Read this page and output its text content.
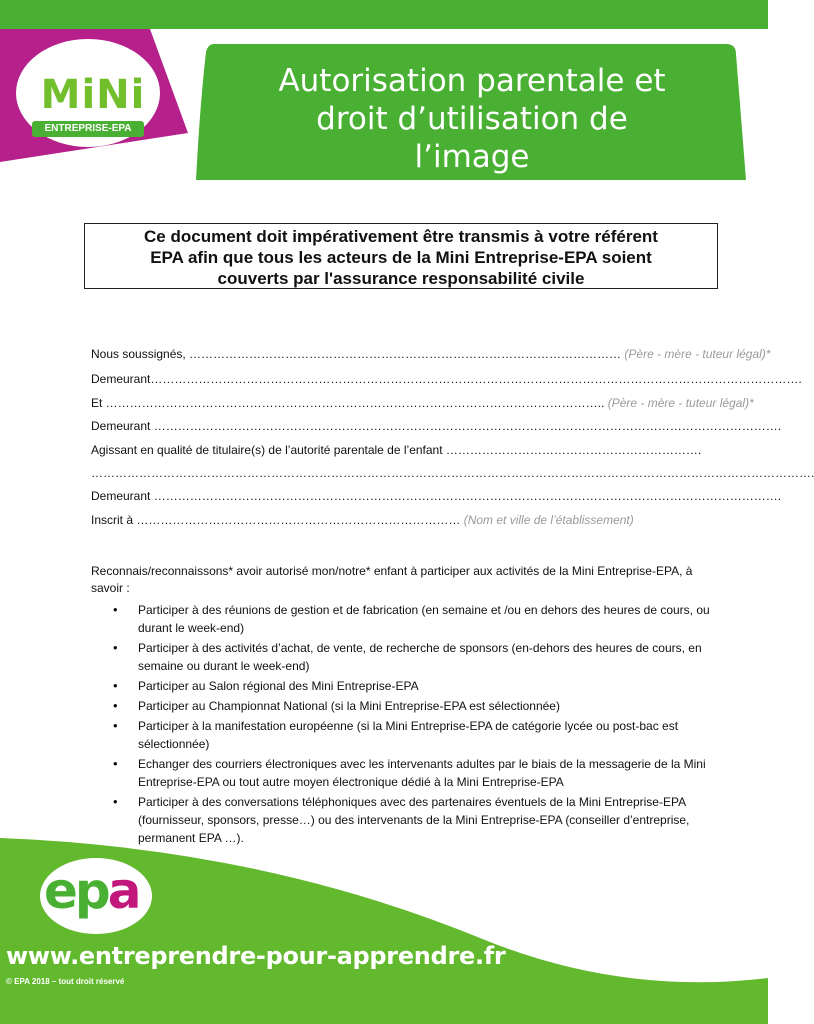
MiNi
ENTREPRISE-EPA
Autorisation parentale et
droit d’utilisation de
l’image
Ce document doit impérativement être transmis à votre référent
EPA afin que tous les acteurs de la Mini Entreprise-EPA soient
couverts par l'assurance responsabilité civile
Nous soussignés, ……………………………………………………………………………………………… (Père - mère - tuteur légal)*
Demeurant……………………………………………………………………………………………………………………………………………….
Et …………………………………………………………………………………………………………….. (Père - mère - tuteur légal)*
Demeurant ………………………………………………………………………………………………………………………………………….
Agissant en qualité de titulaire(s) de l’autorité parentale de l’enfant ……………………………………………………….
……………………………………………………………………………………………………………………………………………………………….
Demeurant ………………………………………………………………………………………………………………………………………….
Inscrit à ……………………………………………………………………… (Nom et ville de l’établissement)
Reconnais/reconnaissons* avoir autorisé mon/notre* enfant à participer aux activités de la Mini Entreprise-EPA, à savoir :
• Participer à des réunions de gestion et de fabrication (en semaine et /ou en dehors des heures de cours, ou durant le week-end)
• Participer à des activités d’achat, de vente, de recherche de sponsors (en-dehors des heures de cours, en semaine ou durant le week-end)
• Participer au Salon régional des Mini Entreprise-EPA
• Participer au Championnat National (si la Mini Entreprise-EPA est sélectionnée)
• Participer à la manifestation européenne (si la Mini Entreprise-EPA de catégorie lycée ou post-bac est sélectionnée)
• Echanger des courriers électroniques avec les intervenants adultes par le biais de la messagerie de la Mini Entreprise-EPA ou tout autre moyen électronique dédié à la Mini Entreprise-EPA
• Participer à des conversations téléphoniques avec des partenaires éventuels de la Mini Entreprise-EPA (fournisseur, sponsors, presse…) ou des intervenants de la Mini Entreprise-EPA (conseiller d’entreprise, permanent EPA …).
epa
www.entreprendre-pour-apprendre.fr
© EPA 2018 – tout droit réservé
